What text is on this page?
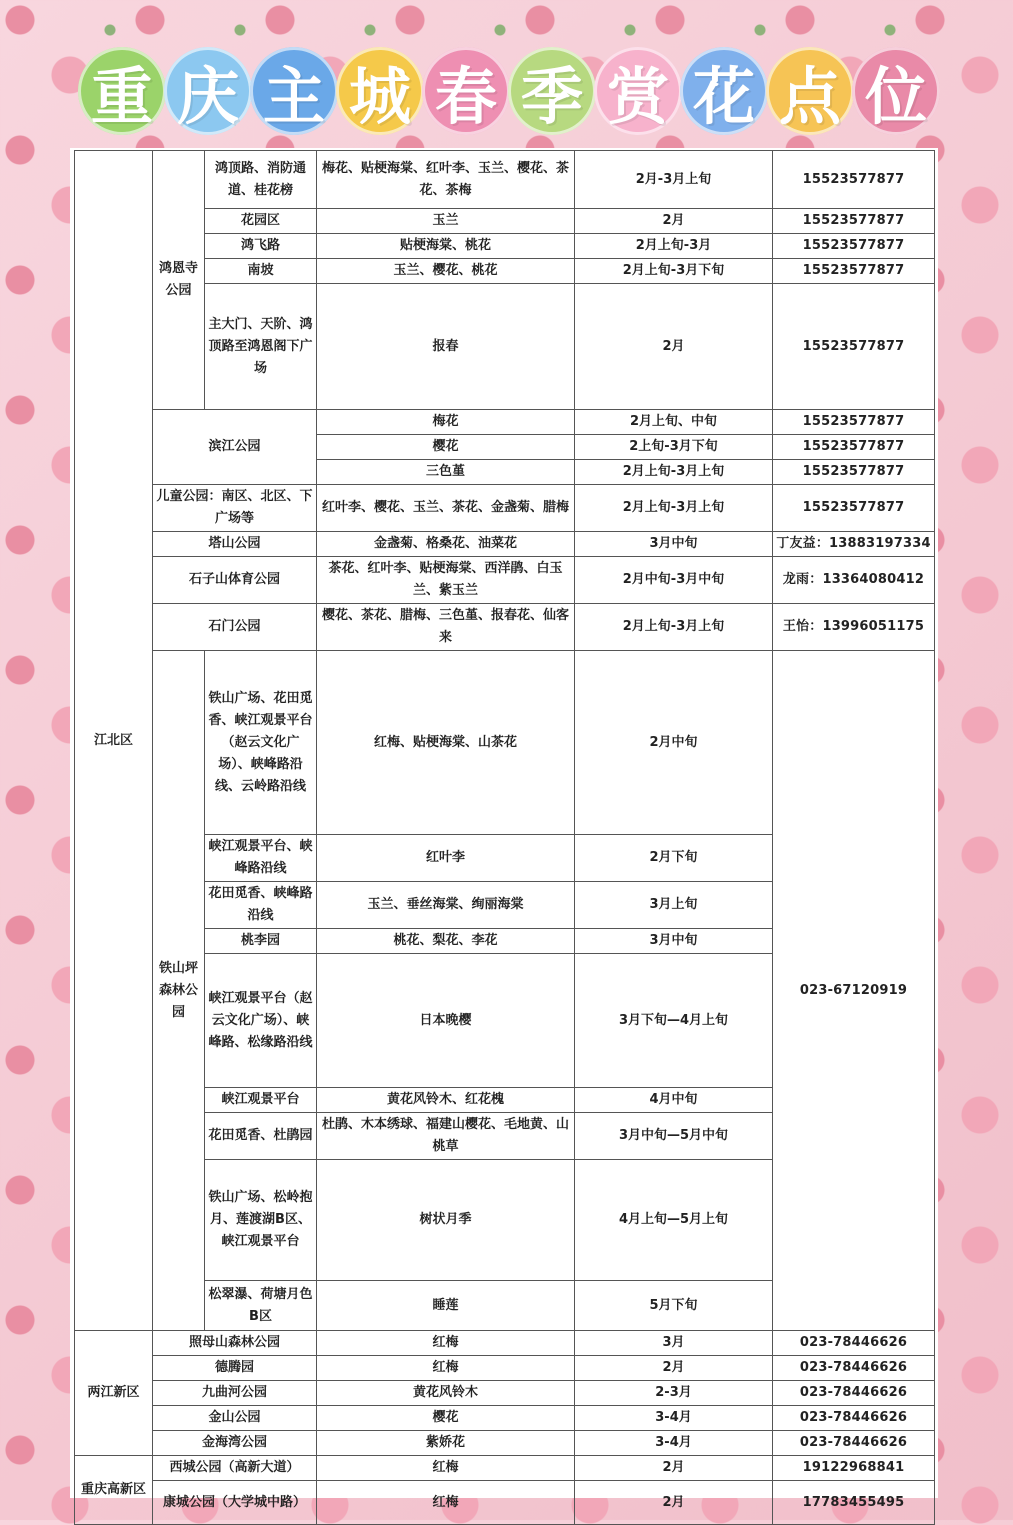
重 庆 主 城 春 季 赏 花 点 位
江北区	鸿恩寺公园	鸿顶路、消防通道、桂花榜	梅花、贴梗海棠、红叶李、玉兰、樱花、茶花、茶梅	2月-3月上旬	15523577877
		花园区	玉兰	2月	15523577877
		鸿飞路	贴梗海棠、桃花	2月上旬-3月	15523577877
		南坡	玉兰、樱花、桃花	2月上旬-3月下旬	15523577877
		主大门、天阶、鸿顶路至鸿恩阁下广场	报春	2月	15523577877
	滨江公园		梅花	2月上旬、中旬	15523577877
			樱花	2上旬-3月下旬	15523577877
			三色堇	2月上旬-3月上旬	15523577877
	儿童公园：南区、北区、下广场等		红叶李、樱花、玉兰、茶花、金盏菊、腊梅	2月上旬-3月上旬	15523577877
	塔山公园		金盏菊、格桑花、油菜花	3月中旬	丁友益：13883197334
	石子山体育公园		茶花、红叶李、贴梗海棠、西洋鹃、白玉兰、紫玉兰	2月中旬-3月中旬	龙雨：13364080412
	石门公园		樱花、茶花、腊梅、三色堇、报春花、仙客来	2月上旬-3月上旬	王怡：13996051175
	铁山坪森林公园	铁山广场、花田觅香、峡江观景平台（赵云文化广场）、峡峰路沿线、云岭路沿线	红梅、贴梗海棠、山茶花	2月中旬	023-67120919
		峡江观景平台、峡峰路沿线	红叶李	2月下旬	
		花田觅香、峡峰路沿线	玉兰、垂丝海棠、绚丽海棠	3月上旬	
		桃李园	桃花、梨花、李花	3月中旬	
		峡江观景平台（赵云文化广场）、峡峰路、松缘路沿线	日本晚樱	3月下旬—4月上旬	
		峡江观景平台	黄花风铃木、红花槐	4月中旬	
		花田觅香、杜鹃园	杜鹃、木本绣球、福建山樱花、毛地黄、山桃草	3月中旬—5月中旬	
		铁山广场、松岭抱月、莲渡湖B区、峡江观景平台	树状月季	4月上旬—5月上旬	
		松翠瀑、荷塘月色B区	睡莲	5月下旬	
两江新区	照母山森林公园		红梅	3月	023-78446626
	德腾园		红梅	2月	023-78446626
	九曲河公园		黄花风铃木	2-3月	023-78446626
	金山公园		樱花	3-4月	023-78446626
	金海湾公园		紫娇花	3-4月	023-78446626
重庆高新区	西城公园（高新大道）		红梅	2月	19122968841
	康城公园（大学城中路）		红梅	2月	17783455495
